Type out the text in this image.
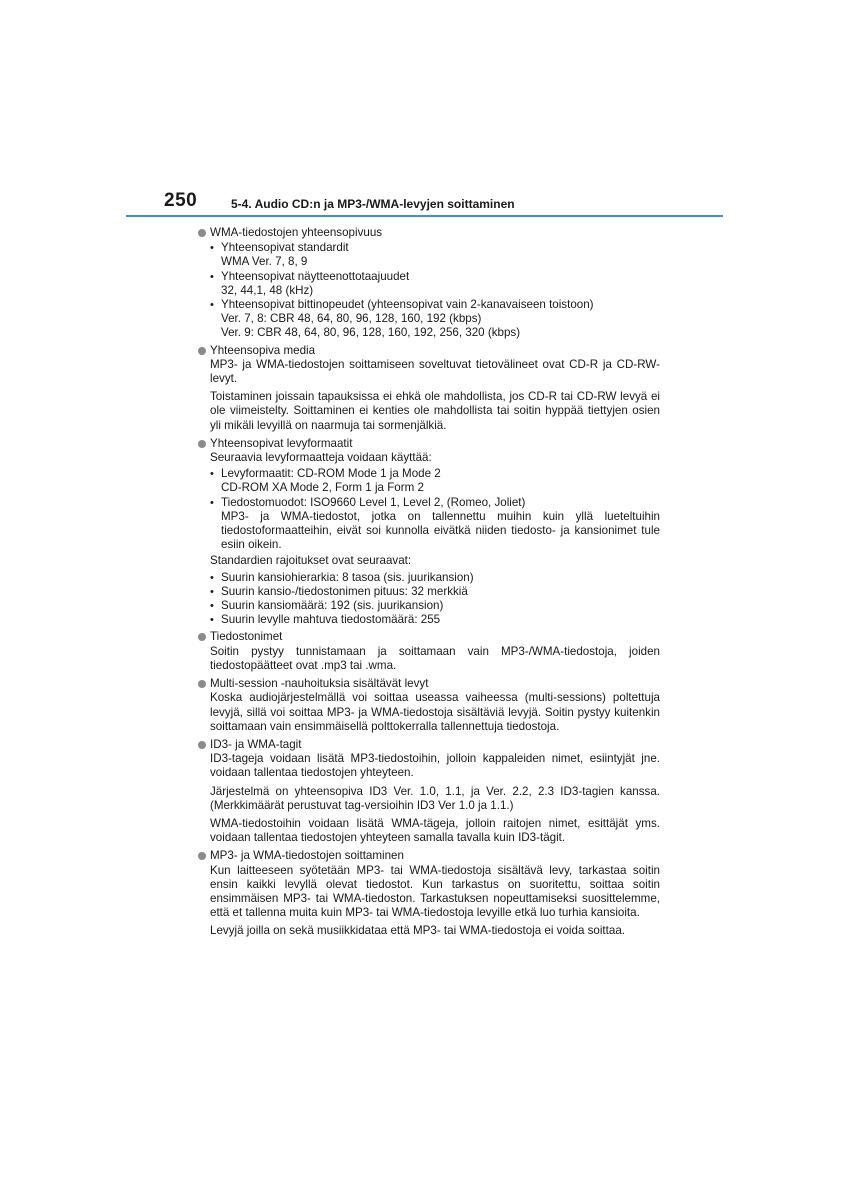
250	5-4. Audio CD:n ja MP3-/WMA-levyjen soittaminen
WMA-tiedostojen yhteensopivuus
• Yhteensopivat standardit
WMA Ver. 7, 8, 9
• Yhteensopivat näytteenottotaajuudet
32, 44,1, 48 (kHz)
• Yhteensopivat bittinopeudet (yhteensopivat vain 2-kanavaiseen toistoon)
Ver. 7, 8: CBR 48, 64, 80, 96, 128, 160, 192 (kbps)
Ver. 9: CBR 48, 64, 80, 96, 128, 160, 192, 256, 320 (kbps)
Yhteensopiva media

MP3- ja WMA-tiedostojen soittamiseen soveltuvat tietovälineet ovat CD-R ja CD-RW-levyt.

Toistaminen joissain tapauksissa ei ehkä ole mahdollista, jos CD-R tai CD-RW levyä ei ole viimeistelty. Soittaminen ei kenties ole mahdollista tai soitin hyppää tiettyjen osien yli mikäli levyillä on naarmuja tai sormenjälkiä.

Yhteensopivat levyformaatit

Seuraavia levyformaatteja voidaan käyttää:

• Levyformaatit: CD-ROM Mode 1 ja Mode 2
CD-ROM XA Mode 2, Form 1 ja Form 2
• Tiedostomuodot: ISO9660 Level 1, Level 2, (Romeo, Joliet)
MP3- ja WMA-tiedostot, jotka on tallennettu muihin kuin yllä lueteltuihin tiedostoformaatteihin, eivät soi kunnolla eivätkä niiden tiedosto- ja kansionimet tule esiin oikein.

Standardien rajoitukset ovat seuraavat:

• Suurin kansiohierarkia: 8 tasoa (sis. juurikansion)
• Suurin kansio-/tiedostonimen pituus: 32 merkkiä
• Suurin kansiomäärä: 192 (sis. juurikansion)
• Suurin levylle mahtuva tiedostomäärä: 255
Tiedostonimet

Soitin pystyy tunnistamaan ja soittamaan vain MP3-/WMA-tiedostoja, joiden tiedostopäätteet ovat .mp3 tai .wma.

Multi-session -nauhoituksia sisältävät levyt

Koska audiojärjestelmällä voi soittaa useassa vaiheessa (multi-sessions) poltettuja levyjä, sillä voi soittaa MP3- ja WMA-tiedostoja sisältäviä levyjä. Soitin pystyy kuitenkin soittamaan vain ensimmäisellä polttokerralla tallennettuja tiedostoja.

ID3- ja WMA-tagit

ID3-tageja voidaan lisätä MP3-tiedostoihin, jolloin kappaleiden nimet, esiintyjät jne. voidaan tallentaa tiedostojen yhteyteen.

Järjestelmä on yhteensopiva ID3 Ver. 1.0, 1.1, ja Ver. 2.2, 2.3 ID3-tagien kanssa. (Merkkimäärät perustuvat tag-versioihin ID3 Ver 1.0 ja 1.1.)

WMA-tiedostoihin voidaan lisätä WMA-tägeja, jolloin raitojen nimet, esittäjät yms. voidaan tallentaa tiedostojen yhteyteen samalla tavalla kuin ID3-tägit.

MP3- ja WMA-tiedostojen soittaminen

Kun laitteeseen syötetään MP3- tai WMA-tiedostoja sisältävä levy, tarkastaa soitin ensin kaikki levyllä olevat tiedostot. Kun tarkastus on suoritettu, soittaa soitin ensimmäisen MP3- tai WMA-tiedoston. Tarkastuksen nopeuttamiseksi suosittelemme, että et tallenna muita kuin MP3- tai WMA-tiedostoja levyille etkä luo turhia kansioita.

Levyjä joilla on sekä musiikkidataa että MP3- tai WMA-tiedostoja ei voida soittaa.
